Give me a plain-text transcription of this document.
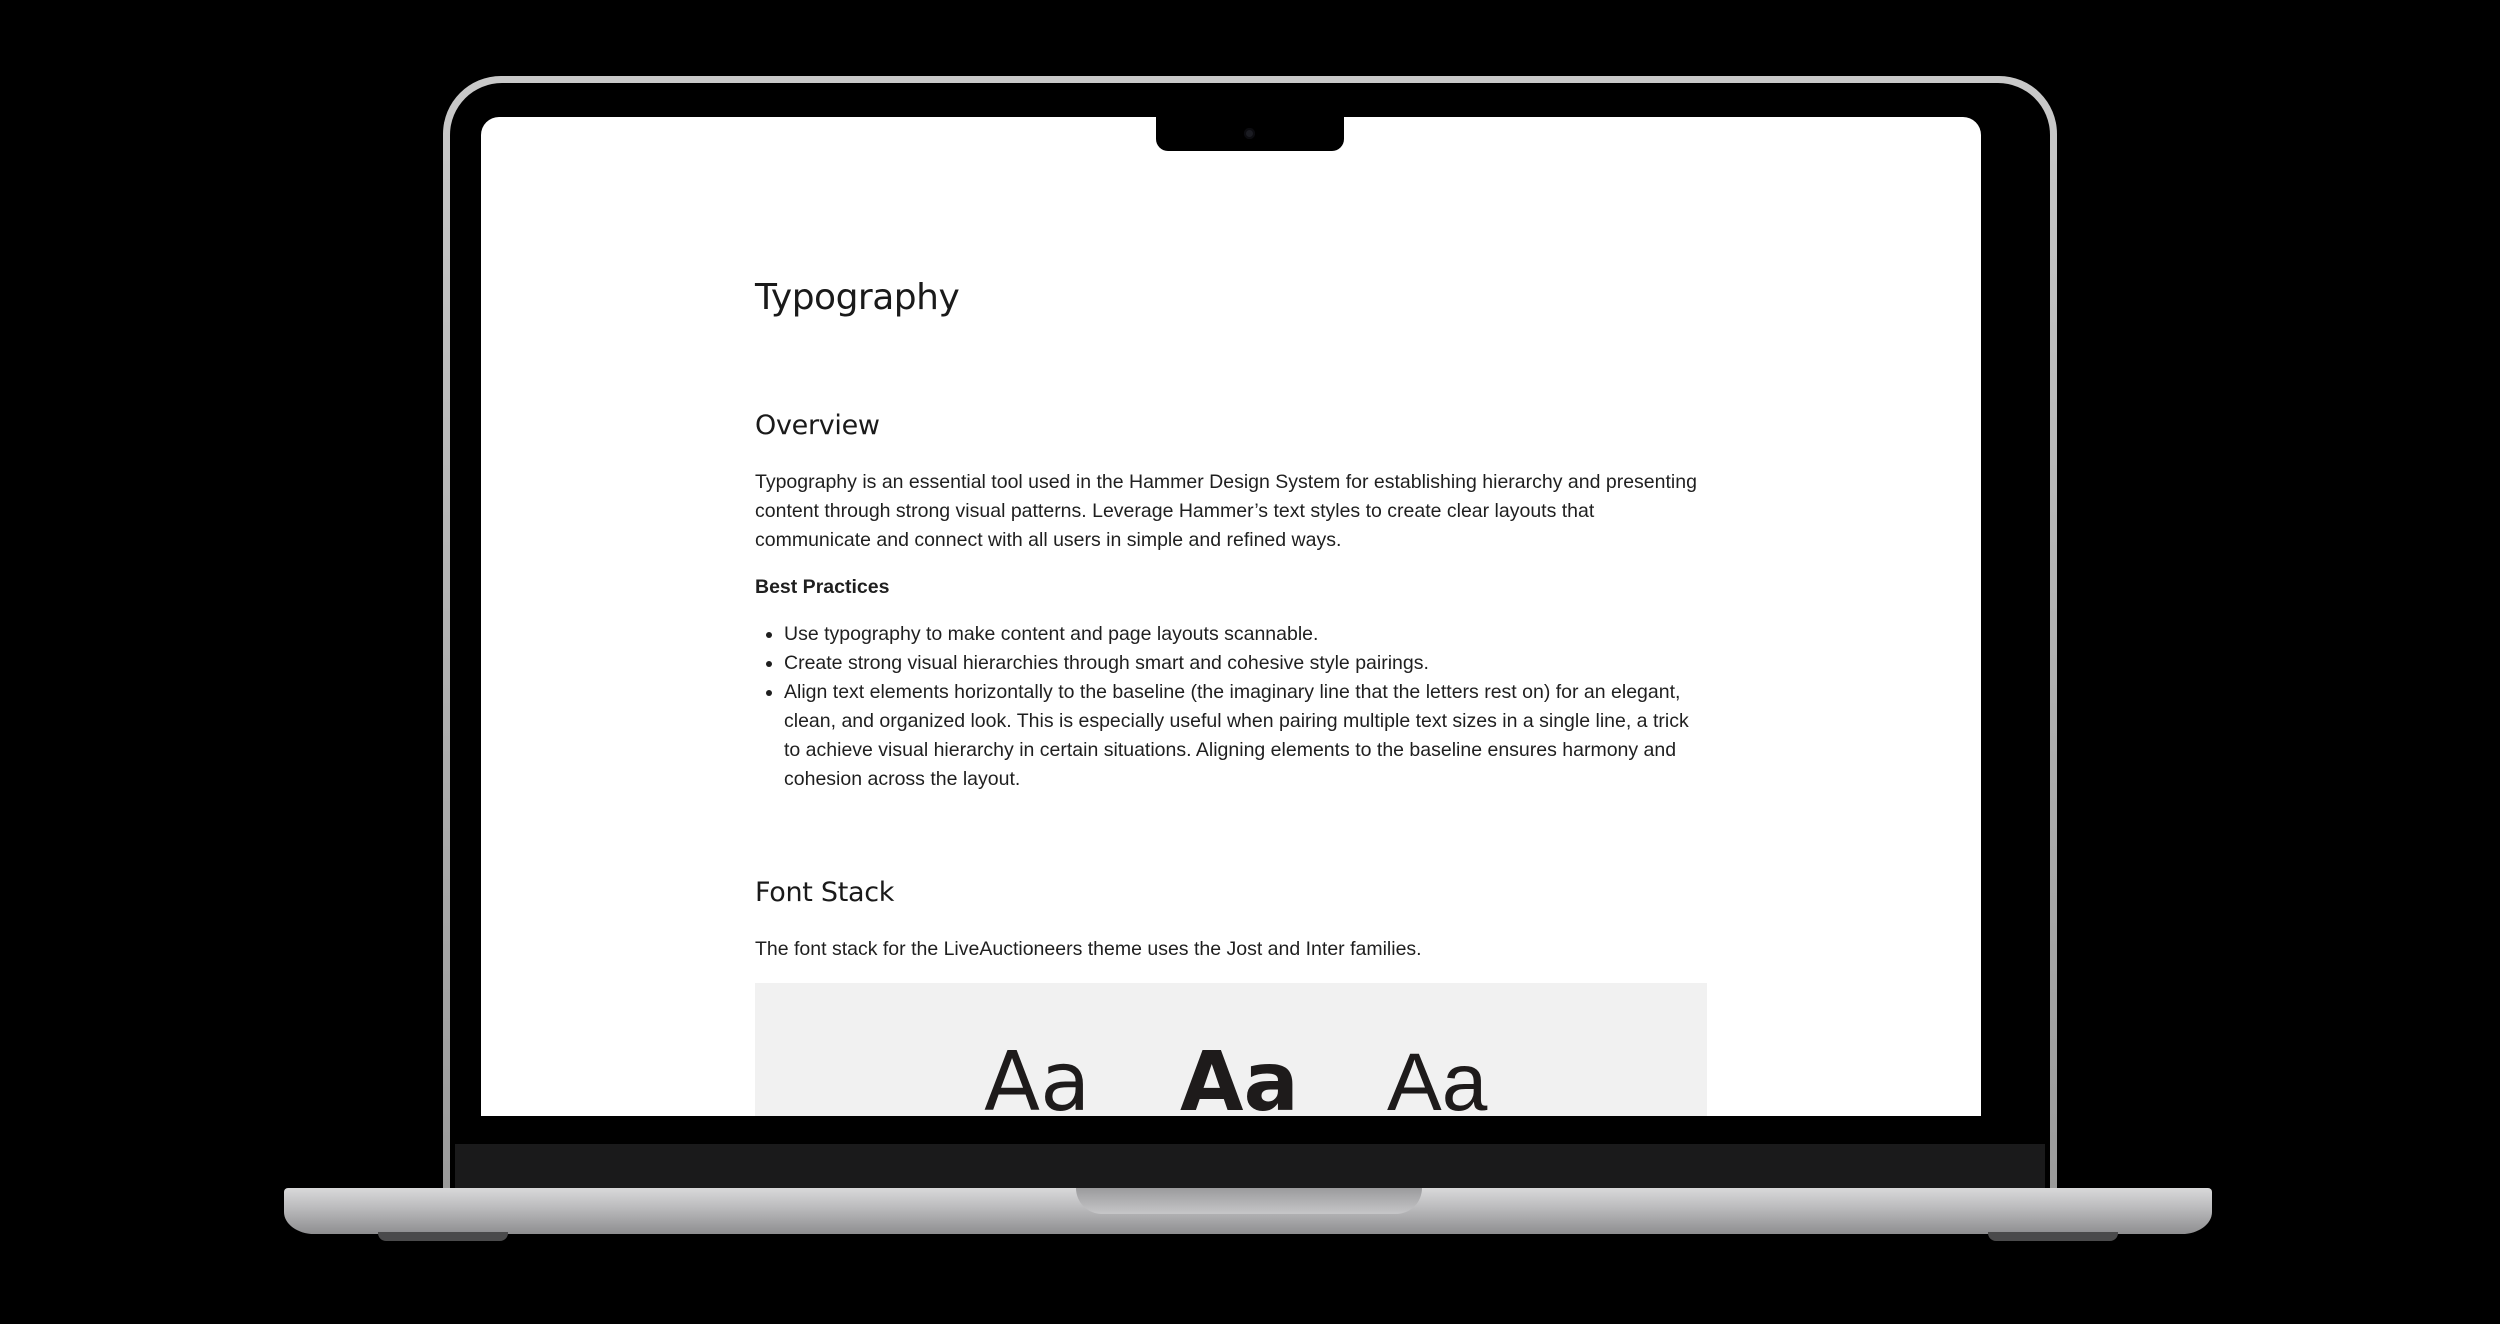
Typography
Overview

Typography is an essential tool used in the Hammer Design System for establishing hierarchy and presenting content through strong visual patterns. Leverage Hammer’s text styles to create clear layouts that communicate and connect with all users in simple and refined ways.

Best Practices

• Use typography to make content and page layouts scannable.
• Create strong visual hierarchies through smart and cohesive style pairings.
• Align text elements horizontally to the baseline (the imaginary line that the letters rest on) for an elegant, clean, and organized look. This is especially useful when pairing multiple text sizes in a single line, a trick to achieve visual hierarchy in certain situations. Aligning elements to the baseline ensures harmony and cohesion across the layout.
Font Stack

The font stack for the LiveAuctioneers theme uses the Jost and Inter families.

Aa Aa Aa
